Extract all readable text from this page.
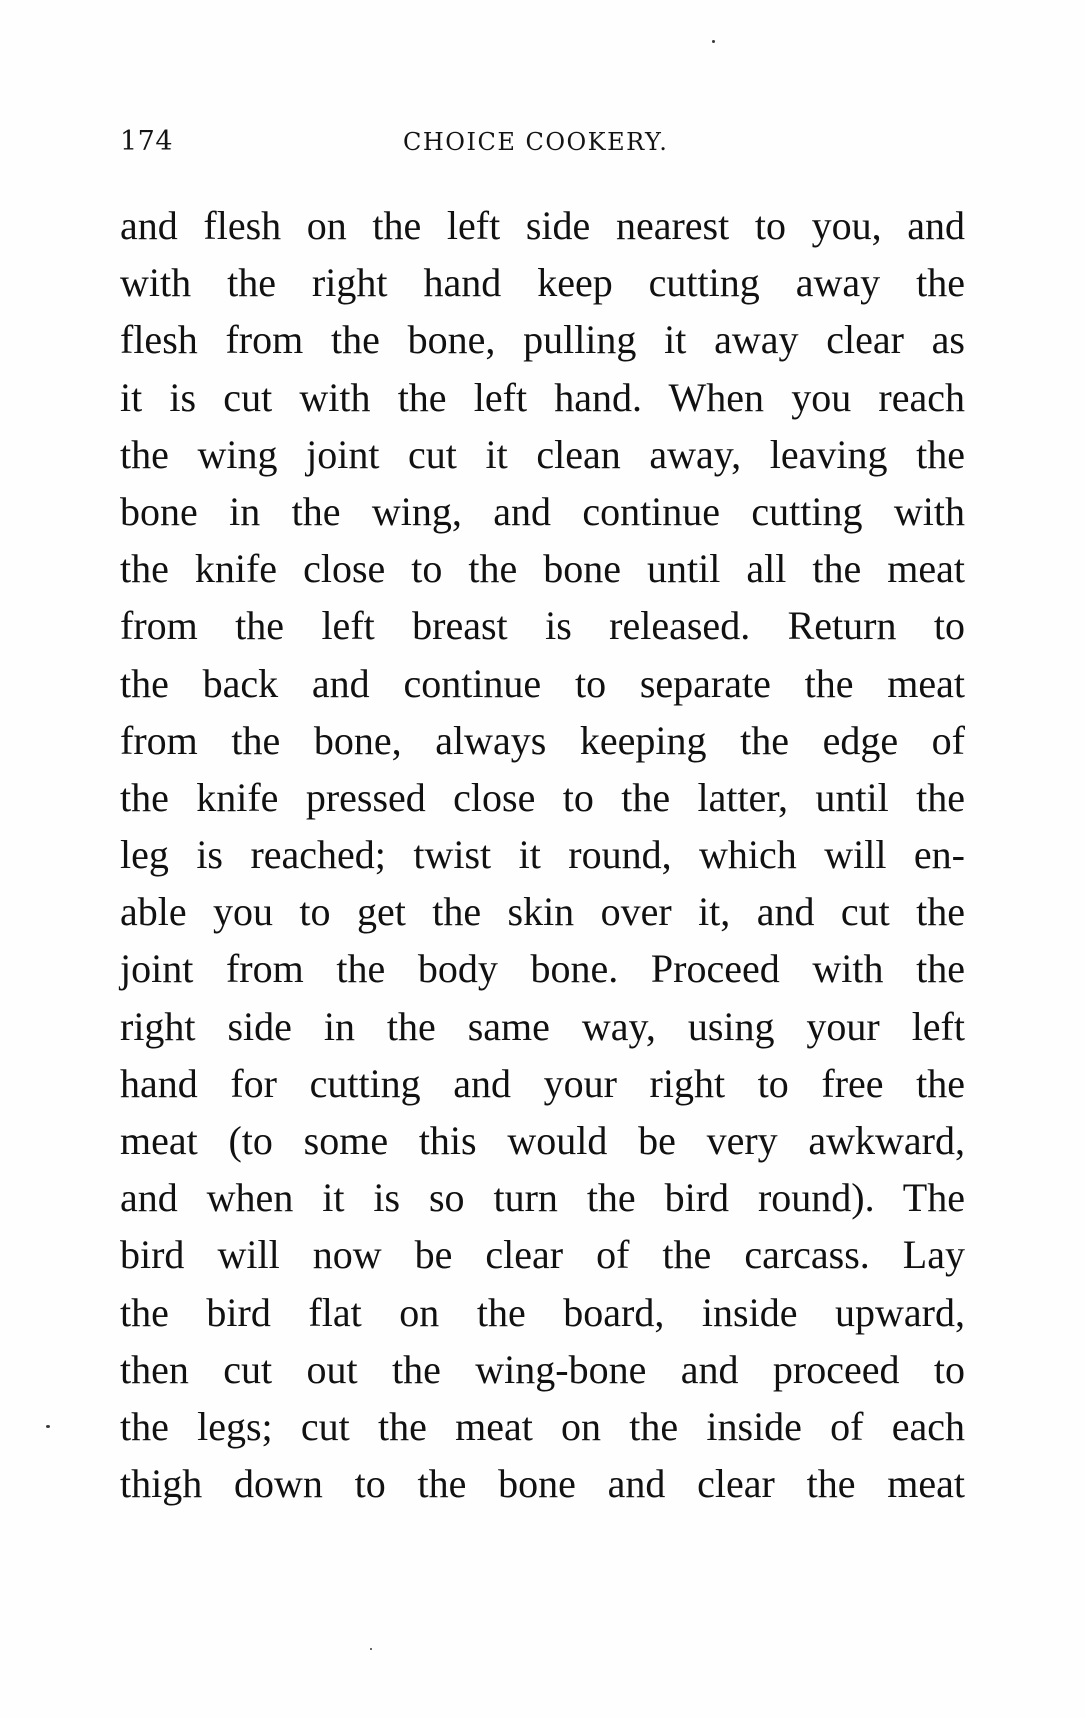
174	CHOICE COOKERY.
and flesh on the left side nearest to you, and
with the right hand keep cutting away the
flesh from the bone, pulling it away clear as
it is cut with the left hand. When you reach
the wing joint cut it clean away, leaving the
bone in the wing, and continue cutting with
the knife close to the bone until all the meat
from the left breast is released. Return to
the back and continue to separate the meat
from the bone, always keeping the edge of
the knife pressed close to the latter, until the
leg is reached; twist it round, which will en-
able you to get the skin over it, and cut the
joint from the body bone. Proceed with the
right side in the same way, using your left
hand for cutting and your right to free the
meat (to some this would be very awkward,
and when it is so turn the bird round). The
bird will now be clear of the carcass. Lay
the bird flat on the board, inside upward,
then cut out the wing-bone and proceed to
the legs; cut the meat on the inside of each
thigh down to the bone and clear the meat
